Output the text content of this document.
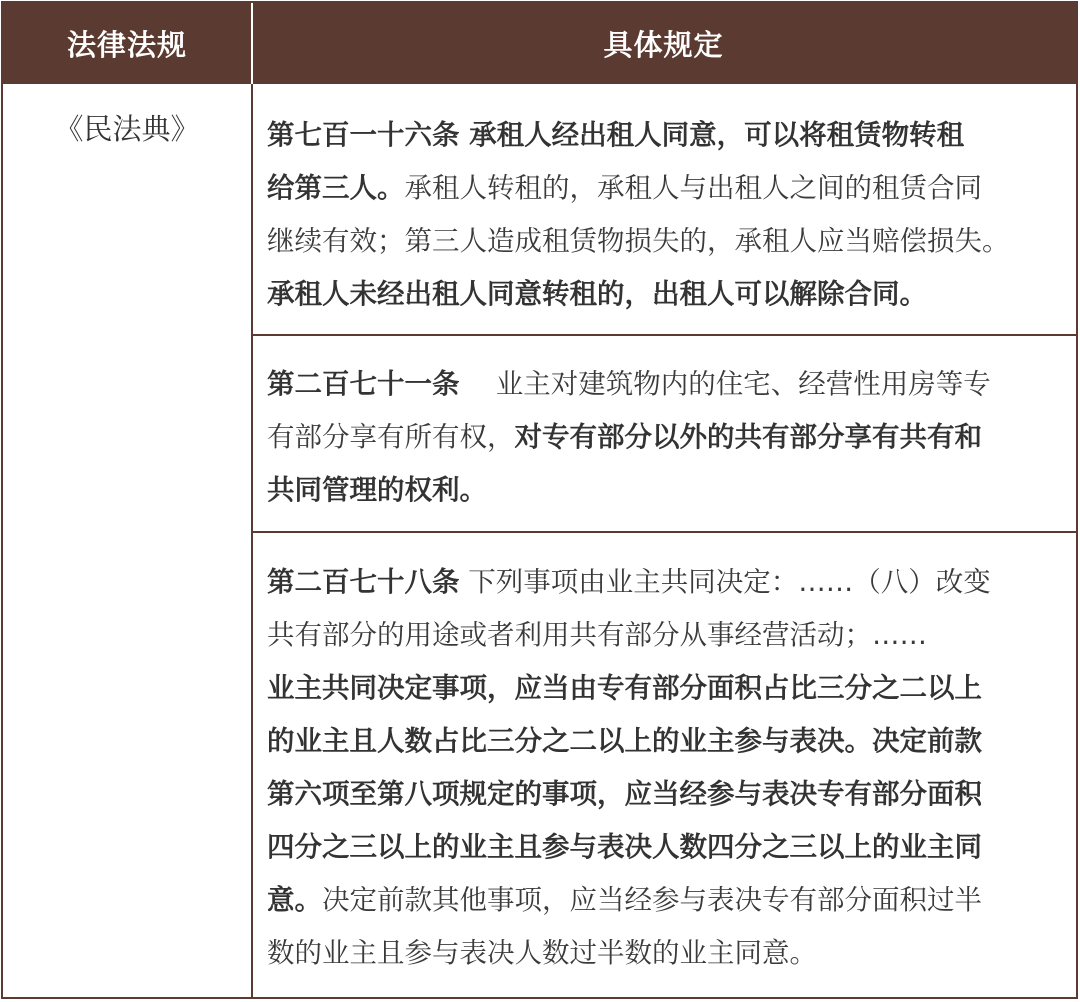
法律法规	具体规定
《民法典》	第七百一十六条 承租人经出租人同意，可以将租赁物转租
给第三人。承租人转租的，承租人与出租人之间的租赁合同
继续有效；第三人造成租赁物损失的，承租人应当赔偿损失。
承租人未经出租人同意转租的，出租人可以解除合同。
第二百七十一条　 业主对建筑物内的住宅、经营性用房等专
有部分享有所有权，对专有部分以外的共有部分享有共有和
共同管理的权利。
第二百七十八条 下列事项由业主共同决定：……（八）改变
共有部分的用途或者利用共有部分从事经营活动；……
业主共同决定事项，应当由专有部分面积占比三分之二以上
的业主且人数占比三分之二以上的业主参与表决。决定前款
第六项至第八项规定的事项，应当经参与表决专有部分面积
四分之三以上的业主且参与表决人数四分之三以上的业主同
意。决定前款其他事项，应当经参与表决专有部分面积过半
数的业主且参与表决人数过半数的业主同意。
